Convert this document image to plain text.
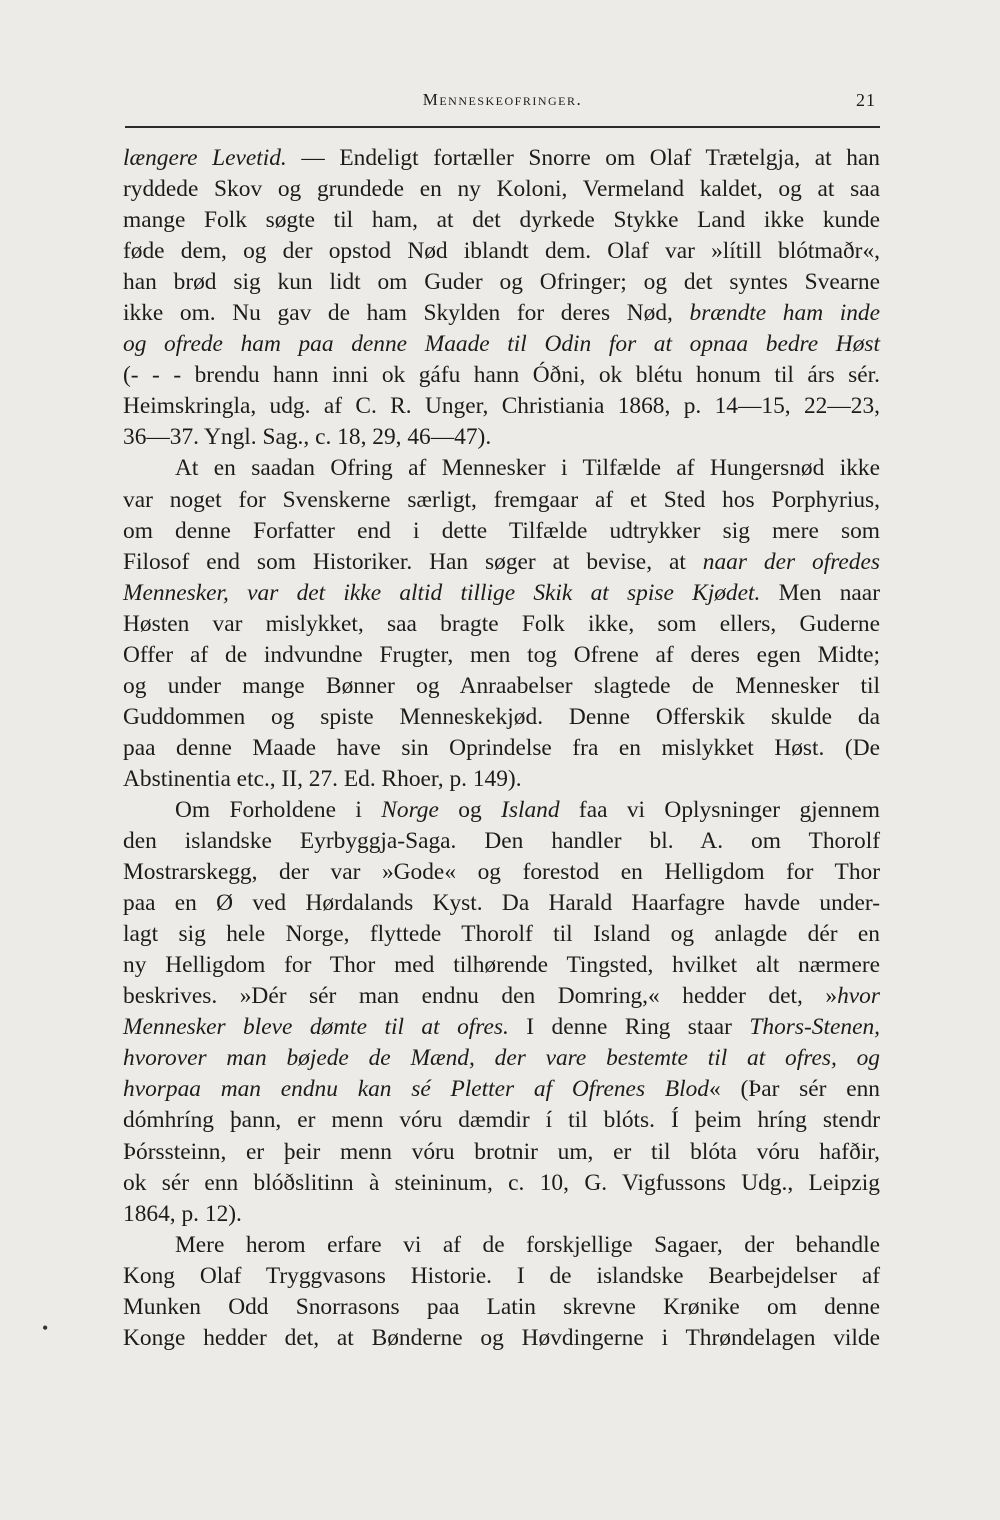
Menneskeofringer.	21
længere Levetid. — Endeligt fortæller Snorre om Olaf Trætelgja, at han
ryddede Skov og grundede en ny Koloni, Vermeland kaldet, og at saa
mange Folk søgte til ham, at det dyrkede Stykke Land ikke kunde
føde dem, og der opstod Nød iblandt dem. Olaf var »lítill blótmaðr«,
han brød sig kun lidt om Guder og Ofringer; og det syntes Svearne
ikke om. Nu gav de ham Skylden for deres Nød, brændte ham inde
og ofrede ham paa denne Maade til Odin for at opnaa bedre Høst
(- - - brendu hann inni ok gáfu hann Óðni, ok blétu honum til árs sér.
Heimskringla, udg. af C. R. Unger, Christiania 1868, p. 14—15, 22—23,
36—37. Yngl. Sag., c. 18, 29, 46—47).
At en saadan Ofring af Mennesker i Tilfælde af Hungersnød ikke
var noget for Svenskerne særligt, fremgaar af et Sted hos Porphyrius,
om denne Forfatter end i dette Tilfælde udtrykker sig mere som
Filosof end som Historiker. Han søger at bevise, at naar der ofredes
Mennesker, var det ikke altid tillige Skik at spise Kjødet. Men naar
Høsten var mislykket, saa bragte Folk ikke, som ellers, Guderne
Offer af de indvundne Frugter, men tog Ofrene af deres egen Midte;
og under mange Bønner og Anraabelser slagtede de Mennesker til
Guddommen og spiste Menneskekjød. Denne Offerskik skulde da
paa denne Maade have sin Oprindelse fra en mislykket Høst. (De
Abstinentia etc., II, 27. Ed. Rhoer, p. 149).
Om Forholdene i Norge og Island faa vi Oplysninger gjennem
den islandske Eyrbyggja-Saga. Den handler bl. A. om Thorolf
Mostrarskegg, der var »Gode« og forestod en Helligdom for Thor
paa en Ø ved Hørdalands Kyst. Da Harald Haarfagre havde under-
lagt sig hele Norge, flyttede Thorolf til Island og anlagde dér en
ny Helligdom for Thor med tilhørende Tingsted, hvilket alt nærmere
beskrives. »Dér sér man endnu den Domring,« hedder det, »hvor
Mennesker bleve dømte til at ofres. I denne Ring staar Thors-Stenen,
hvorover man bøjede de Mænd, der vare bestemte til at ofres, og
hvorpaa man endnu kan sé Pletter af Ofrenes Blod« (Þar sér enn
dómhríng þann, er menn vóru dæmdir í til blóts. Í þeim hríng stendr
Þórssteinn, er þeir menn vóru brotnir um, er til blóta vóru hafðir,
ok sér enn blóðslitinn à steininum, c. 10, G. Vigfussons Udg., Leipzig
1864, p. 12).
Mere herom erfare vi af de forskjellige Sagaer, der behandle
Kong Olaf Tryggvasons Historie. I de islandske Bearbejdelser af
Munken Odd Snorrasons paa Latin skrevne Krønike om denne
Konge hedder det, at Bønderne og Høvdingerne i Thrøndelagen vilde
•
